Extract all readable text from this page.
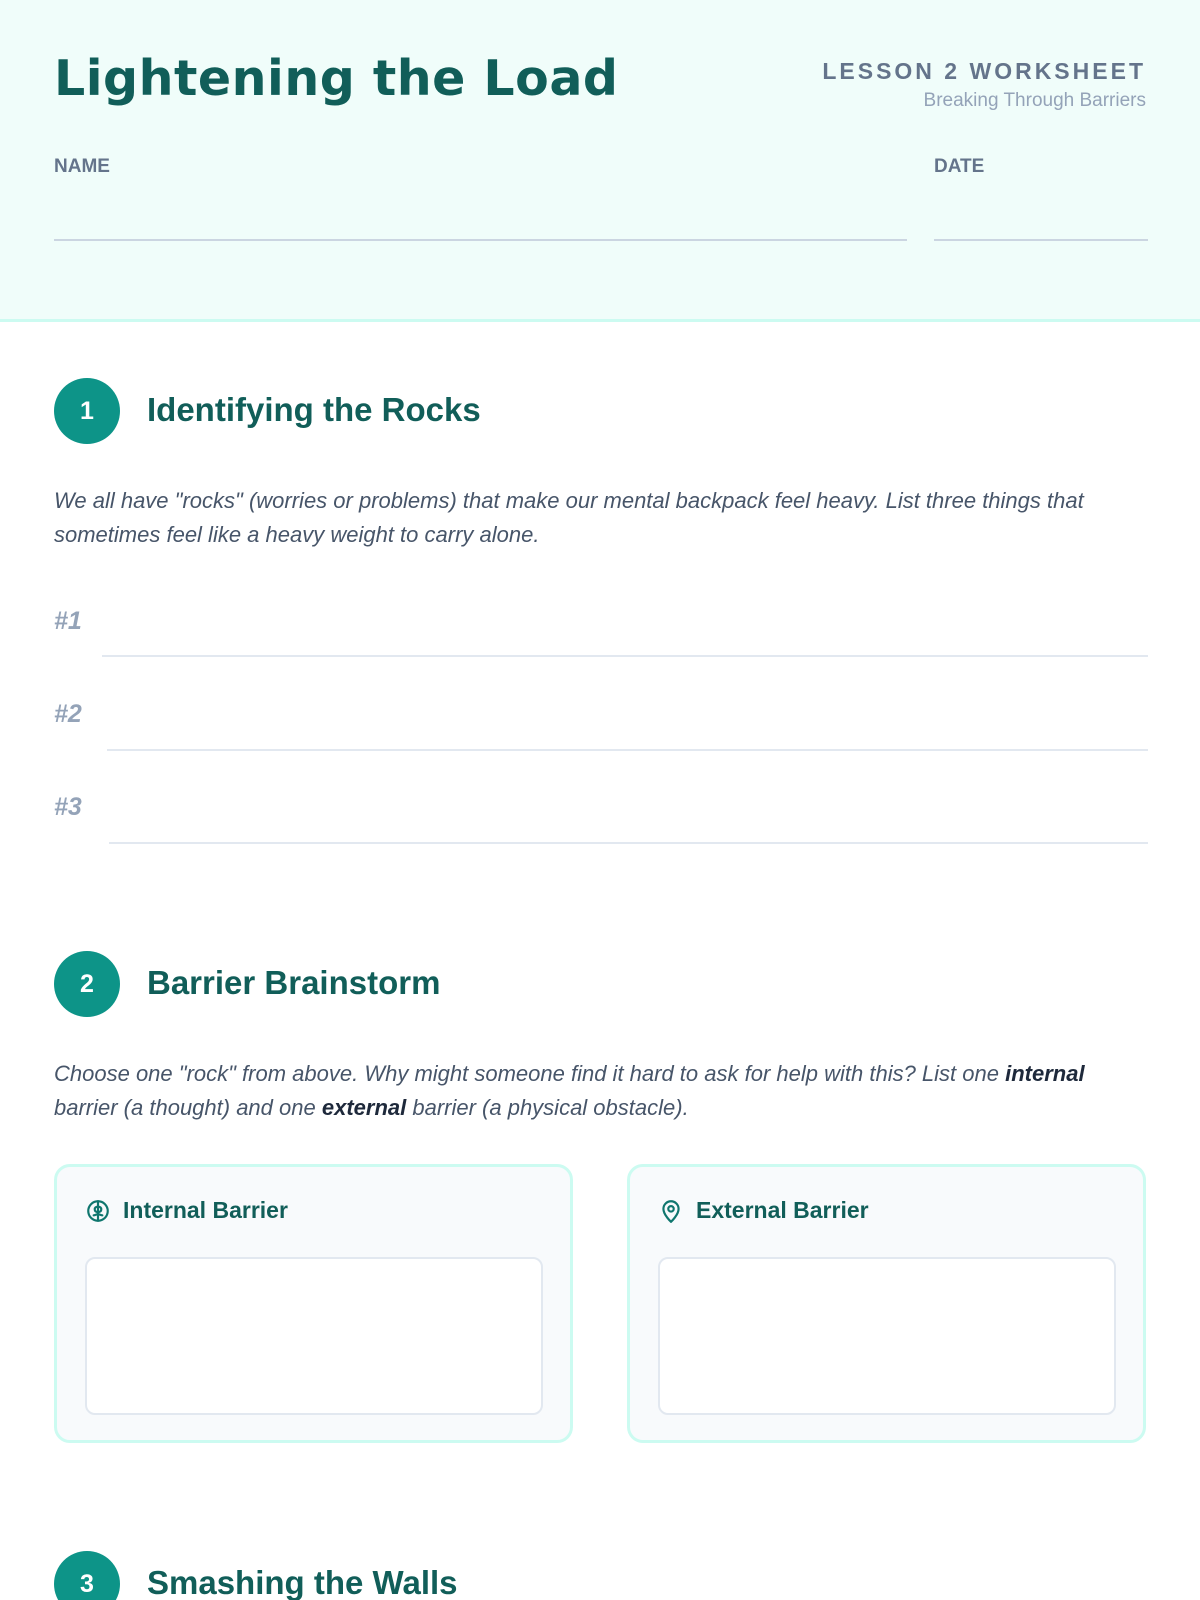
Lightening the Load	LESSON 2 WORKSHEET
Breaking Through Barriers
NAME	DATE
1	Identifying the Rocks
We all have "rocks" (worries or problems) that make our mental backpack feel heavy. List three things that sometimes feel like a heavy weight to carry alone.
#1
#2
#3
2	Barrier Brainstorm
Choose one "rock" from above. Why might someone find it hard to ask for help with this? List one internal barrier (a thought) and one external barrier (a physical obstacle).
Internal Barrier	External Barrier
3	Smashing the Walls
